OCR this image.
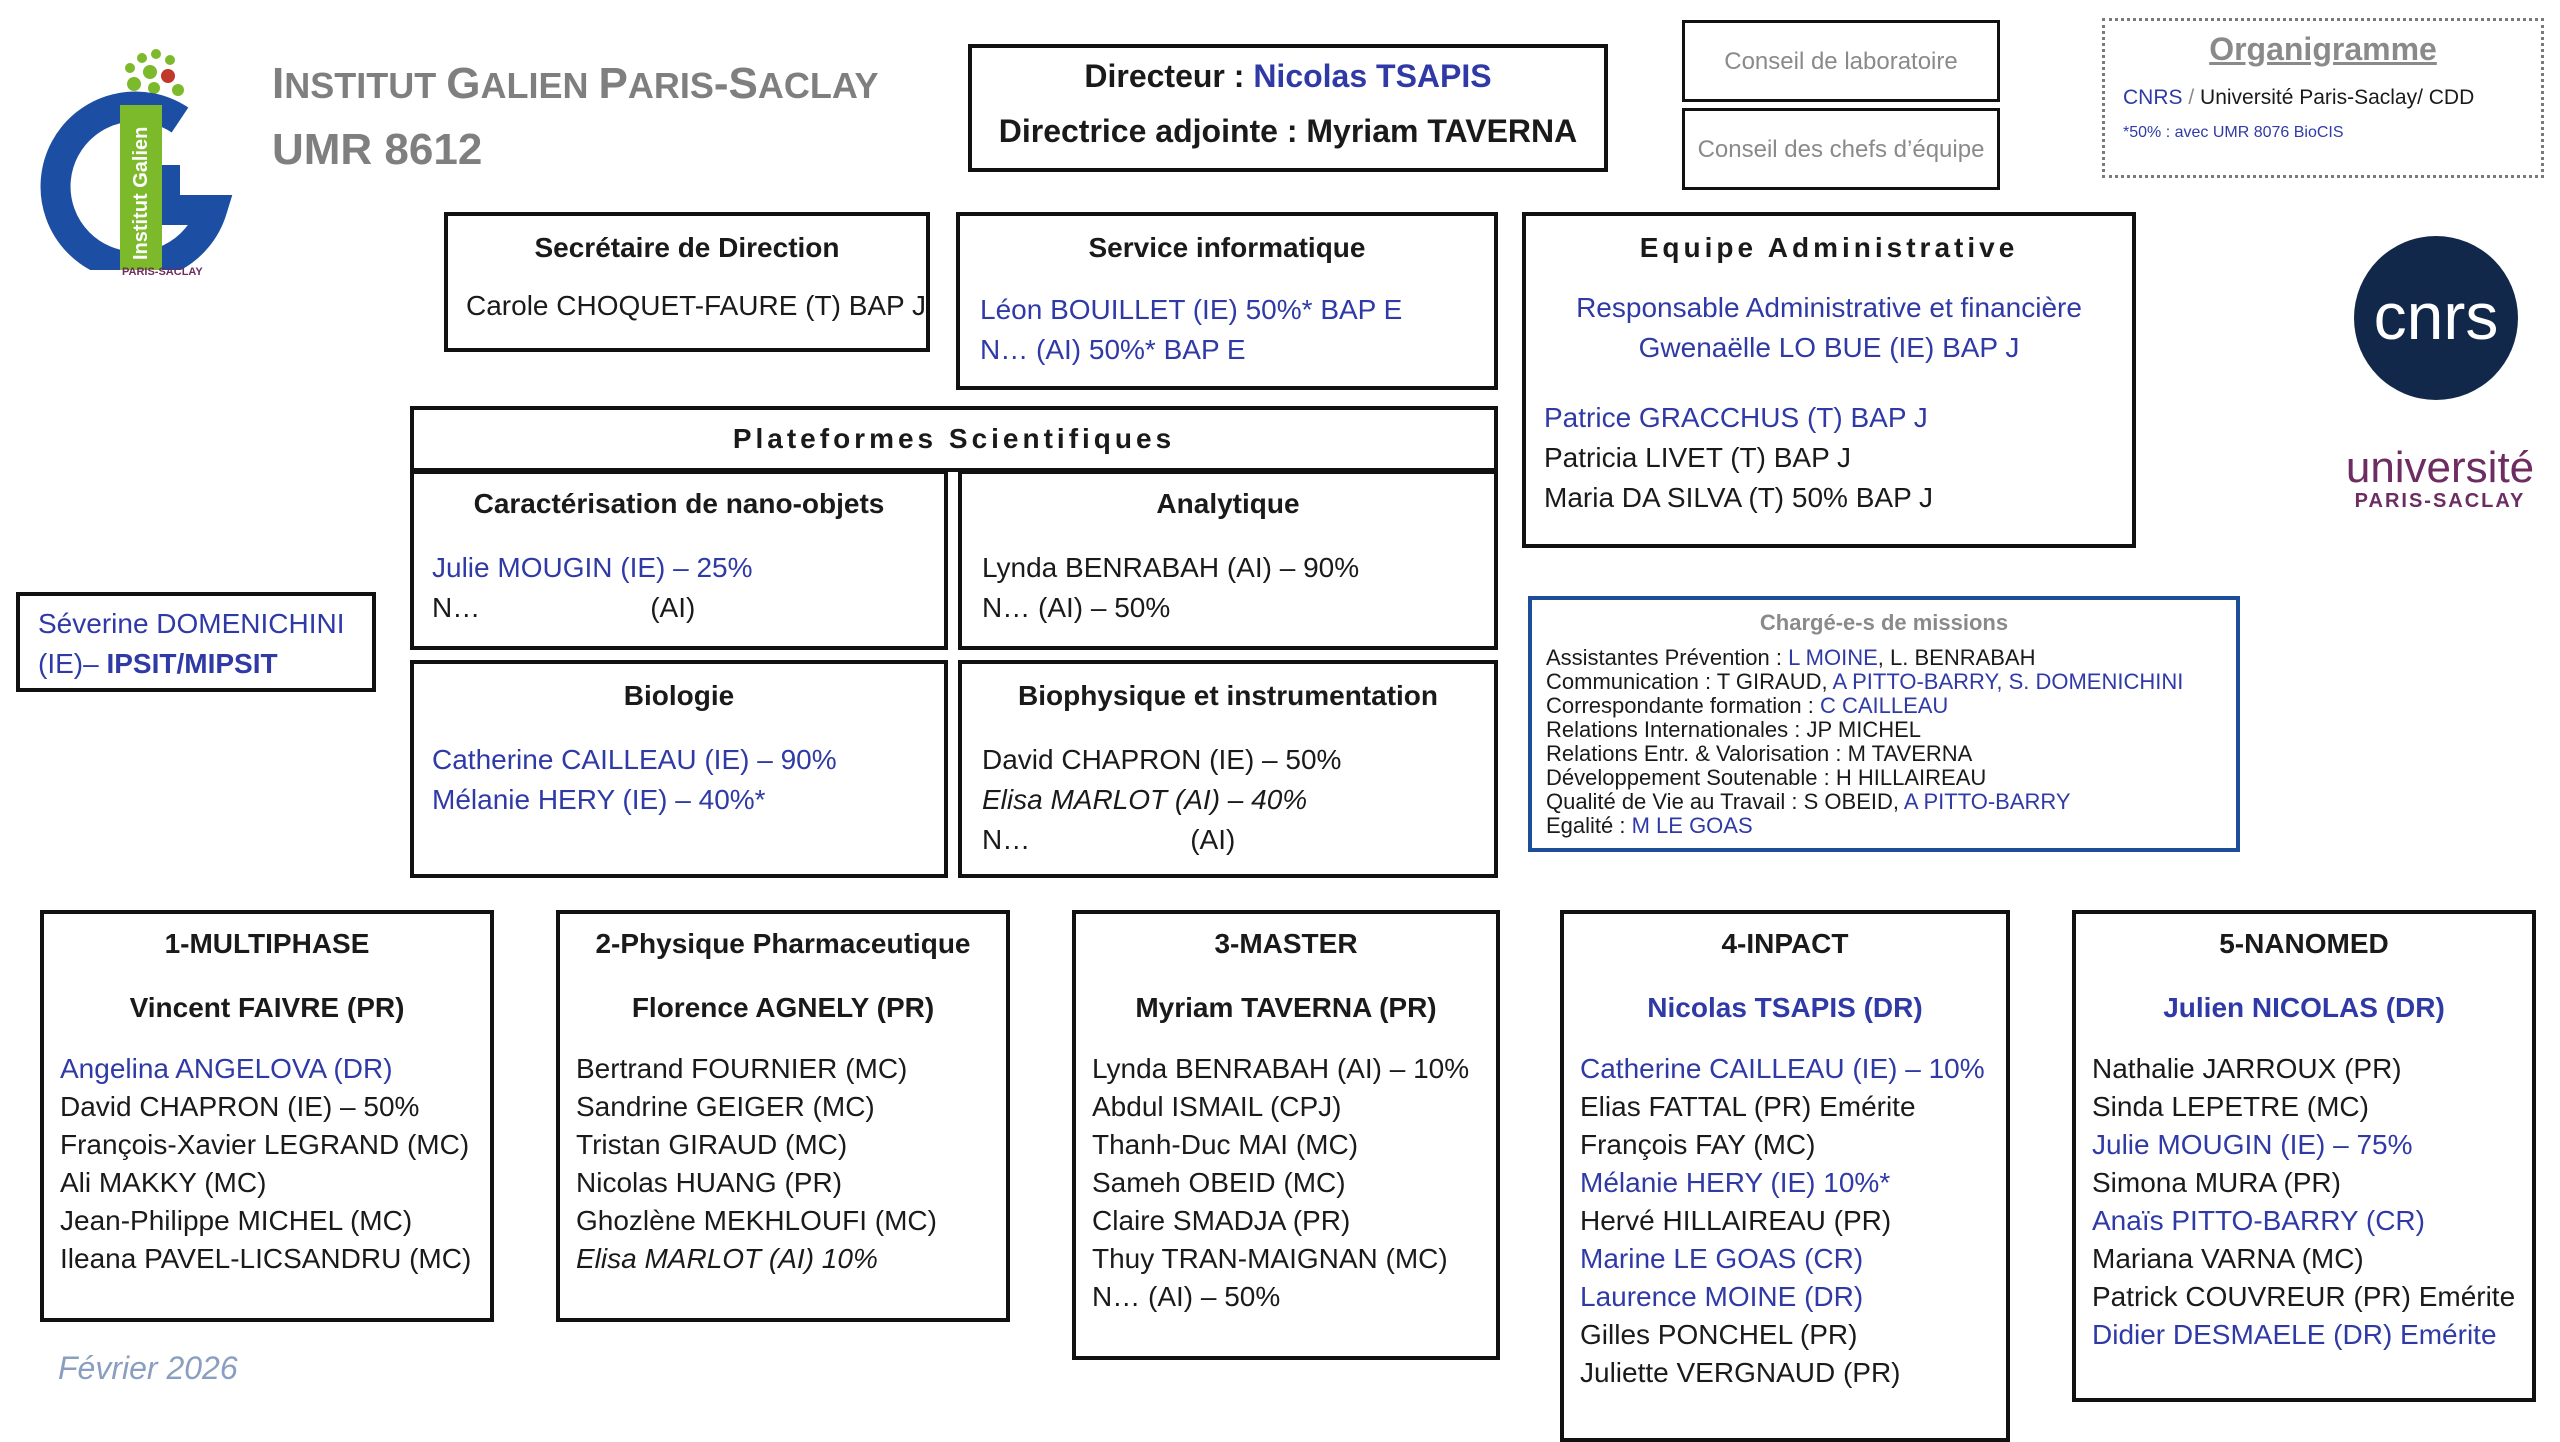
Institut Galien
PARIS-SACLAY
INSTITUT GALIEN PARIS-SACLAY
UMR 8612
Directeur : Nicolas TSAPIS
Directrice adjointe : Myriam TAVERNA
Conseil de laboratoire
Conseil des chefs d’équipe
Organigramme
CNRS / Université Paris-Saclay/ CDD
*50% : avec UMR 8076 BioCIS
cnrs
université
PARIS-SACLAY
Secrétaire de Direction
Carole CHOQUET-FAURE (T) BAP J
Service informatique
Léon BOUILLET (IE) 50%* BAP E
N… (AI) 50%* BAP E
Equipe Administrative
Responsable Administrative et financière
Gwenaëlle LO BUE (IE) BAP J
Patrice GRACCHUS (T) BAP J
Patricia LIVET (T) BAP J
Maria DA SILVA (T) 50% BAP J
Plateformes Scientifiques
Caractérisation de nano-objets
Julie MOUGIN (IE) – 25%
N…	(AI)
Analytique
Lynda BENRABAH (AI) – 90%
N… (AI) – 50%
Biologie
Catherine CAILLEAU (IE) – 90%
Mélanie HERY (IE) – 40%*
Biophysique et instrumentation
David CHAPRON (IE) – 50%
Elisa MARLOT (AI) – 40%
N…	(AI)
Séverine DOMENICHINI
(IE)– IPSIT/MIPSIT
Chargé-e-s de missions
Assistantes Prévention : L MOINE, L. BENRABAH
Communication : T GIRAUD, A PITTO-BARRY, S. DOMENICHINI
Correspondante formation : C CAILLEAU
Relations Internationales : JP MICHEL
Relations Entr. & Valorisation : M TAVERNA
Développement Soutenable : H HILLAIREAU
Qualité de Vie au Travail : S OBEID, A PITTO-BARRY
Egalité : M LE GOAS
1-MULTIPHASE
Vincent FAIVRE (PR)
Angelina ANGELOVA (DR)
David CHAPRON (IE) – 50%
François-Xavier LEGRAND (MC)
Ali MAKKY (MC)
Jean-Philippe MICHEL (MC)
Ileana PAVEL-LICSANDRU (MC)
2-Physique Pharmaceutique
Florence AGNELY (PR)
Bertrand FOURNIER (MC)
Sandrine GEIGER (MC)
Tristan GIRAUD (MC)
Nicolas HUANG (PR)
Ghozlène MEKHLOUFI (MC)
Elisa MARLOT (AI) 10%
3-MASTER
Myriam TAVERNA (PR)
Lynda BENRABAH (AI) – 10%
Abdul ISMAIL (CPJ)
Thanh-Duc MAI (MC)
Sameh OBEID (MC)
Claire SMADJA (PR)
Thuy TRAN-MAIGNAN (MC)
N… (AI) – 50%
4-INPACT
Nicolas TSAPIS (DR)
Catherine CAILLEAU (IE) – 10%
Elias FATTAL (PR) Emérite
François FAY (MC)
Mélanie HERY (IE) 10%*
Hervé HILLAIREAU (PR)
Marine LE GOAS (CR)
Laurence MOINE (DR)
Gilles PONCHEL (PR)
Juliette VERGNAUD (PR)
5-NANOMED
Julien NICOLAS (DR)
Nathalie JARROUX (PR)
Sinda LEPETRE (MC)
Julie MOUGIN (IE) – 75%
Simona MURA (PR)
Anaïs PITTO-BARRY (CR)
Mariana VARNA (MC)
Patrick COUVREUR (PR) Emérite
Didier DESMAELE (DR) Emérite
Février 2026
